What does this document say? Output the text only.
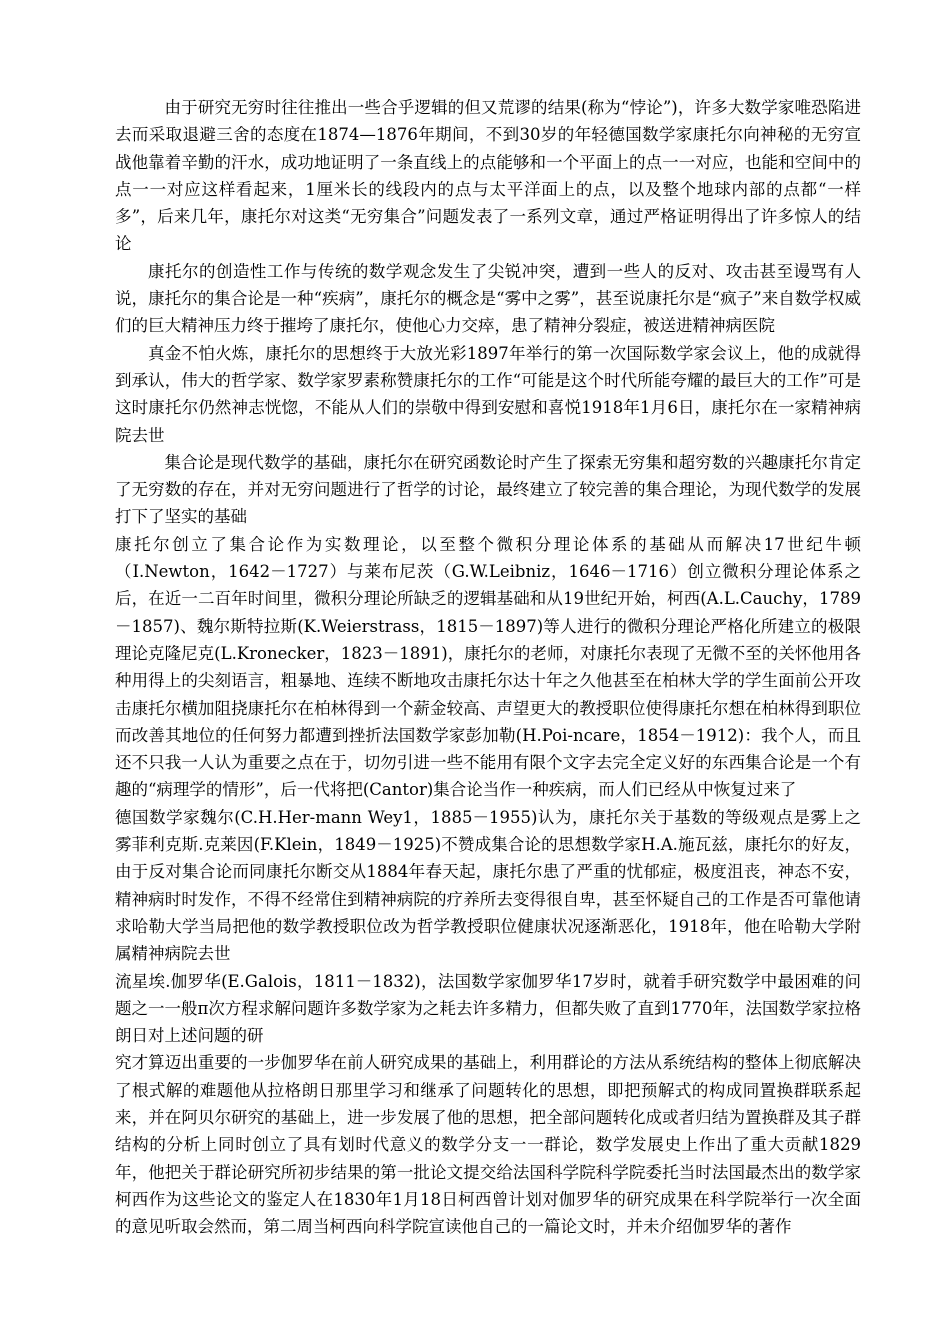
由于研究无穷时往往推出一些合乎逻辑的但又荒谬的结果(称为“悖论”)，许多大数学家唯恐陷进去而采取退避三舍的态度在1874—1876年期间，不到30岁的年轻德国数学家康托尔向神秘的无穷宣战他靠着辛勤的汗水，成功地证明了一条直线上的点能够和一个平面上的点一一对应，也能和空间中的点一一对应这样看起来，1厘米长的线段内的点与太平洋面上的点，以及整个地球内部的点都“一样多”，后来几年，康托尔对这类“无穷集合”问题发表了一系列文章，通过严格证明得出了许多惊人的结论

康托尔的创造性工作与传统的数学观念发生了尖锐冲突，遭到一些人的反对、攻击甚至谩骂有人说，康托尔的集合论是一种“疾病”，康托尔的概念是“雾中之雾”，甚至说康托尔是“疯子”来自数学权威们的巨大精神压力终于摧垮了康托尔，使他心力交瘁，患了精神分裂症，被送进精神病医院

真金不怕火炼，康托尔的思想终于大放光彩1897年举行的第一次国际数学家会议上，他的成就得到承认，伟大的哲学家、数学家罗素称赞康托尔的工作“可能是这个时代所能夸耀的最巨大的工作”可是这时康托尔仍然神志恍惚，不能从人们的崇敬中得到安慰和喜悦1918年1月6日，康托尔在一家精神病院去世

集合论是现代数学的基础，康托尔在研究函数论时产生了探索无穷集和超穷数的兴趣康托尔肯定了无穷数的存在，并对无穷问题进行了哲学的讨论，最终建立了较完善的集合理论，为现代数学的发展打下了坚实的基础

康托尔创立了集合论作为实数理论，以至整个微积分理论体系的基础从而解决17世纪牛顿（I.Newton，1642－1727）与莱布尼茨（G.W.Leibniz，1646－1716）创立微积分理论体系之后，在近一二百年时间里，微积分理论所缺乏的逻辑基础和从19世纪开始，柯西(A.L.Cauchy，1789－1857)、魏尔斯特拉斯(K.Weierstrass，1815－1897)等人进行的微积分理论严格化所建立的极限理论克隆尼克(L.Kronecker，1823－1891)，康托尔的老师，对康托尔表现了无微不至的关怀他用各种用得上的尖刻语言，粗暴地、连续不断地攻击康托尔达十年之久他甚至在柏林大学的学生面前公开攻击康托尔横加阻挠康托尔在柏林得到一个薪金较高、声望更大的教授职位使得康托尔想在柏林得到职位而改善其地位的任何努力都遭到挫折法国数学家彭加勒(H.Poi-ncare，1854－1912)：我个人，而且还不只我一人认为重要之点在于，切勿引进一些不能用有限个文字去完全定义好的东西集合论是一个有趣的“病理学的情形”，后一代将把(Cantor)集合论当作一种疾病，而人们已经从中恢复过来了

德国数学家魏尔(C.H.Her-mann Wey1，1885－1955)认为，康托尔关于基数的等级观点是雾上之雾菲利克斯.克莱因(F.Klein，1849－1925)不赞成集合论的思想数学家H.A.施瓦兹，康托尔的好友，由于反对集合论而同康托尔断交从1884年春天起，康托尔患了严重的忧郁症，极度沮丧，神态不安，精神病时时发作，不得不经常住到精神病院的疗养所去变得很自卑，甚至怀疑自己的工作是否可靠他请求哈勒大学当局把他的数学教授职位改为哲学教授职位健康状况逐渐恶化，1918年，他在哈勒大学附属精神病院去世

流星埃.伽罗华(E.Galois，1811－1832)，法国数学家伽罗华17岁时，就着手研究数学中最困难的问题之一一般π次方程求解问题许多数学家为之耗去许多精力，但都失败了直到1770年，法国数学家拉格朗日对上述问题的研

究才算迈出重要的一步伽罗华在前人研究成果的基础上，利用群论的方法从系统结构的整体上彻底解决了根式解的难题他从拉格朗日那里学习和继承了问题转化的思想，即把预解式的构成同置换群联系起来，并在阿贝尔研究的基础上，进一步发展了他的思想，把全部问题转化成或者归结为置换群及其子群结构的分析上同时创立了具有划时代意义的数学分支一一群论，数学发展史上作出了重大贡献1829年，他把关于群论研究所初步结果的第一批论文提交给法国科学院科学院委托当时法国最杰出的数学家柯西作为这些论文的鉴定人在1830年1月18日柯西曾计划对伽罗华的研究成果在科学院举行一次全面的意见听取会然而，第二周当柯西向科学院宣读他自己的一篇论文时，并未介绍伽罗华的著作
